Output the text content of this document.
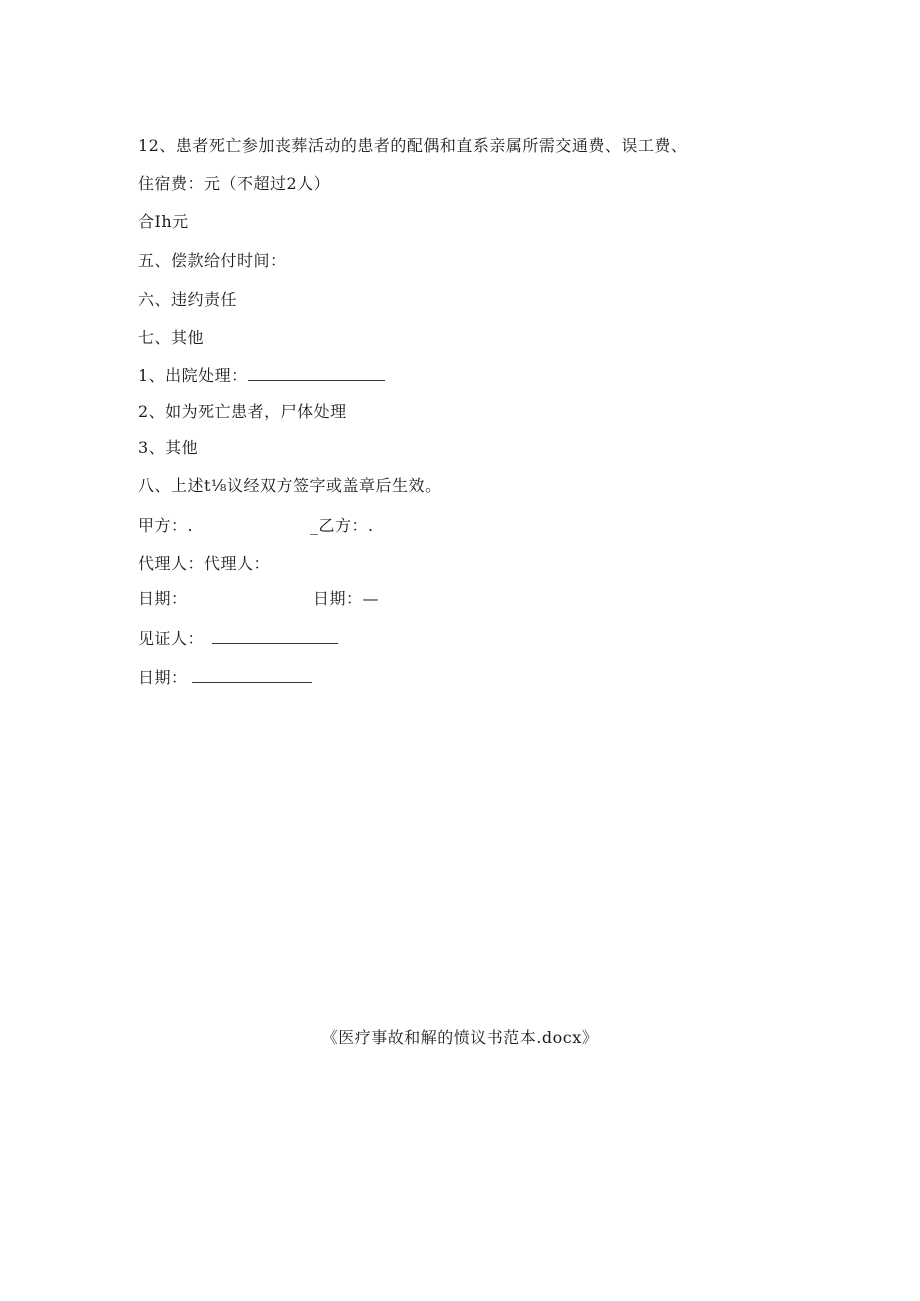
12、患者死亡参加丧葬活动的患者的配偶和直系亲属所需交通费、误工费、
住宿费：元（不超过2人）
合Ih元
五、偿款给付时间：
六、违约责任
七、其他
1、出院处理：
2、如为死亡患者，尸体处理
3、其他
八、上述t⅛议经双方签字或盖章后生效。
甲方：.	_乙方：.
代理人：代理人：
日期：	日期：—
见证人：
日期：
《医疗事故和解的愤议书范本.docx》
